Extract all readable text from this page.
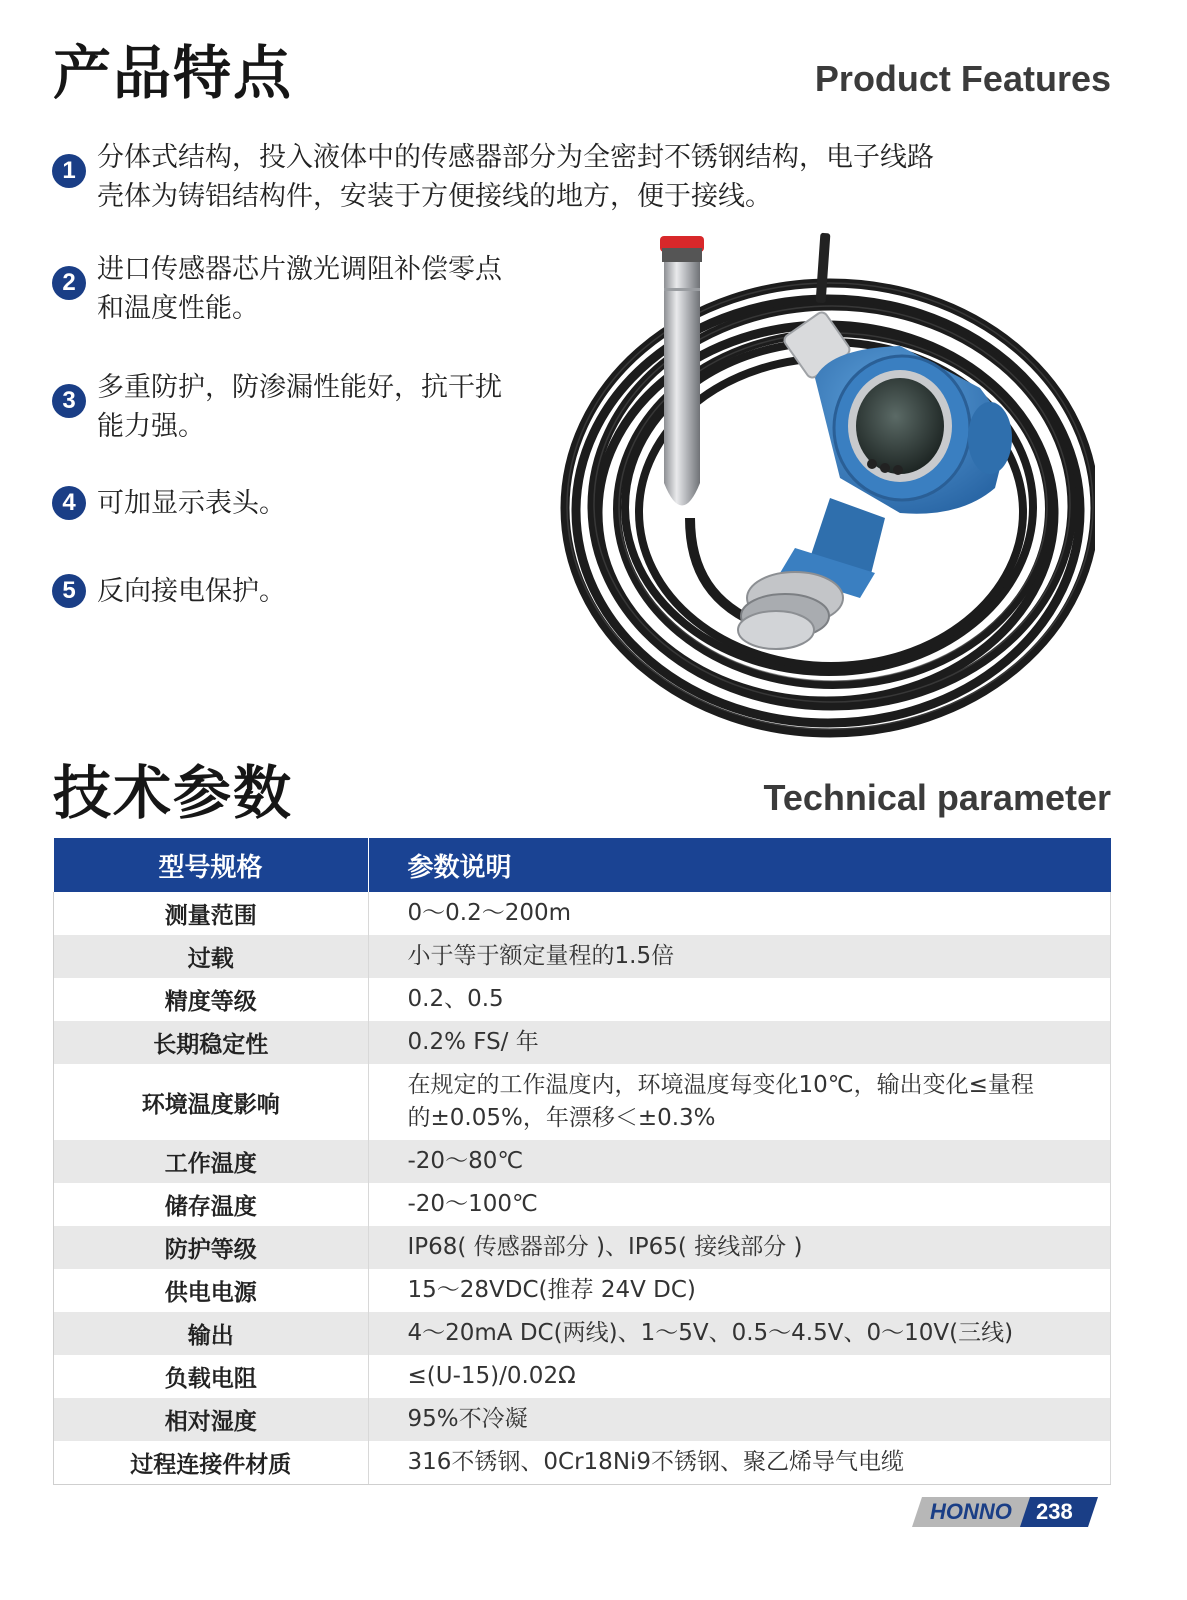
产品特点	Product Features
1 分体式结构，投入液体中的传感器部分为全密封不锈钢结构，电子线路
壳体为铸铝结构件，安装于方便接线的地方，便于接线。
2 进口传感器芯片激光调阻补偿零点
和温度性能。
3 多重防护，防渗漏性能好，抗干扰
能力强。
4 可加显示表头。
5 反向接电保护。
技术参数	Technical parameter
型号规格	参数说明
测量范围	0～0.2～200m
过载	小于等于额定量程的1.5倍
精度等级	0.2、0.5
长期稳定性	0.2% FS/ 年
环境温度影响	在规定的工作温度内，环境温度每变化10℃，输出变化≤量程
的±0.05%，年漂移＜±0.3%
工作温度	-20～80℃
储存温度	-20～100℃
防护等级	IP68( 传感器部分 )、IP65( 接线部分 )
供电电源	15～28VDC(推荐 24V DC)
输出	4～20mA DC(两线)、1～5V、0.5～4.5V、0～10V(三线)
负载电阻	≤(U-15)/0.02Ω
相对湿度	95%不冷凝
过程连接件材质	316不锈钢、0Cr18Ni9不锈钢、聚乙烯导气电缆
HONNO 238
